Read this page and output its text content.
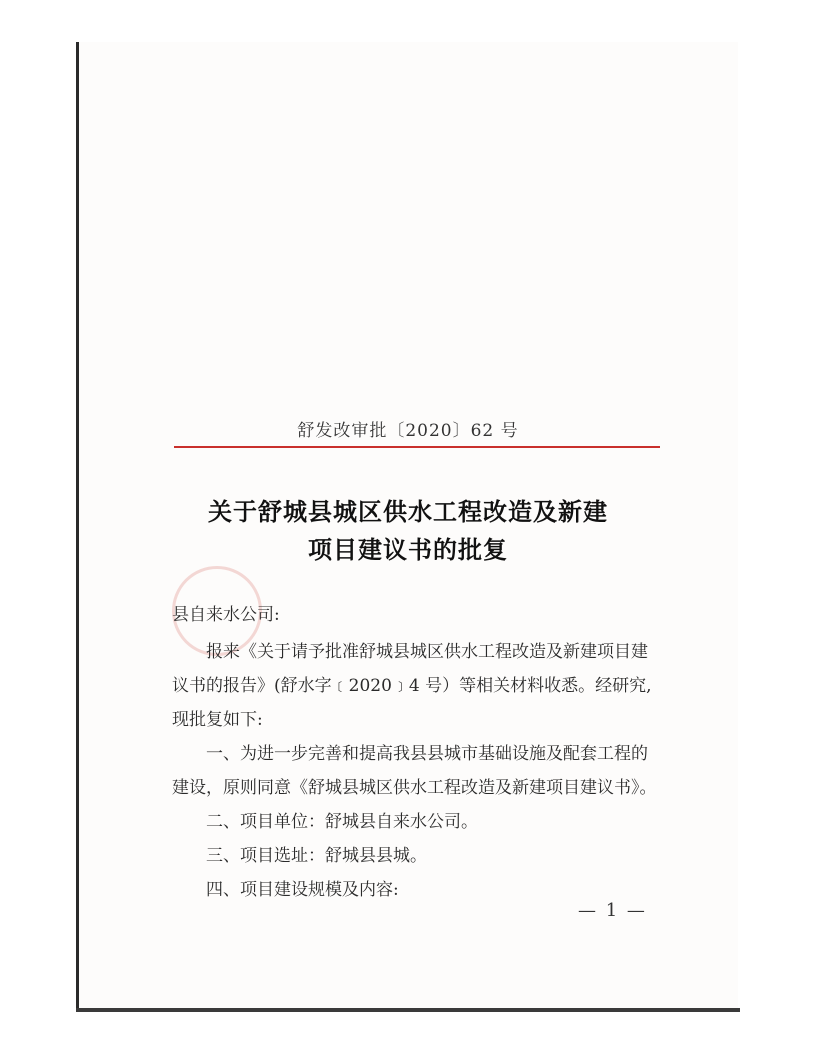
舒发改审批〔2020〕62 号
关于舒城县城区供水工程改造及新建
项目建议书的批复
县自来水公司:
报来《关于请予批准舒城县城区供水工程改造及新建项目建
议书的报告》(舒水字﹝2020﹞4 号）等相关材料收悉。经研究,
现批复如下:
一、为进一步完善和提高我县县城市基础设施及配套工程的
建设，原则同意《舒城县城区供水工程改造及新建项目建议书》。
二、项目单位：舒城县自来水公司。
三、项目选址：舒城县县城。
四、项目建设规模及内容:
— 1 —
